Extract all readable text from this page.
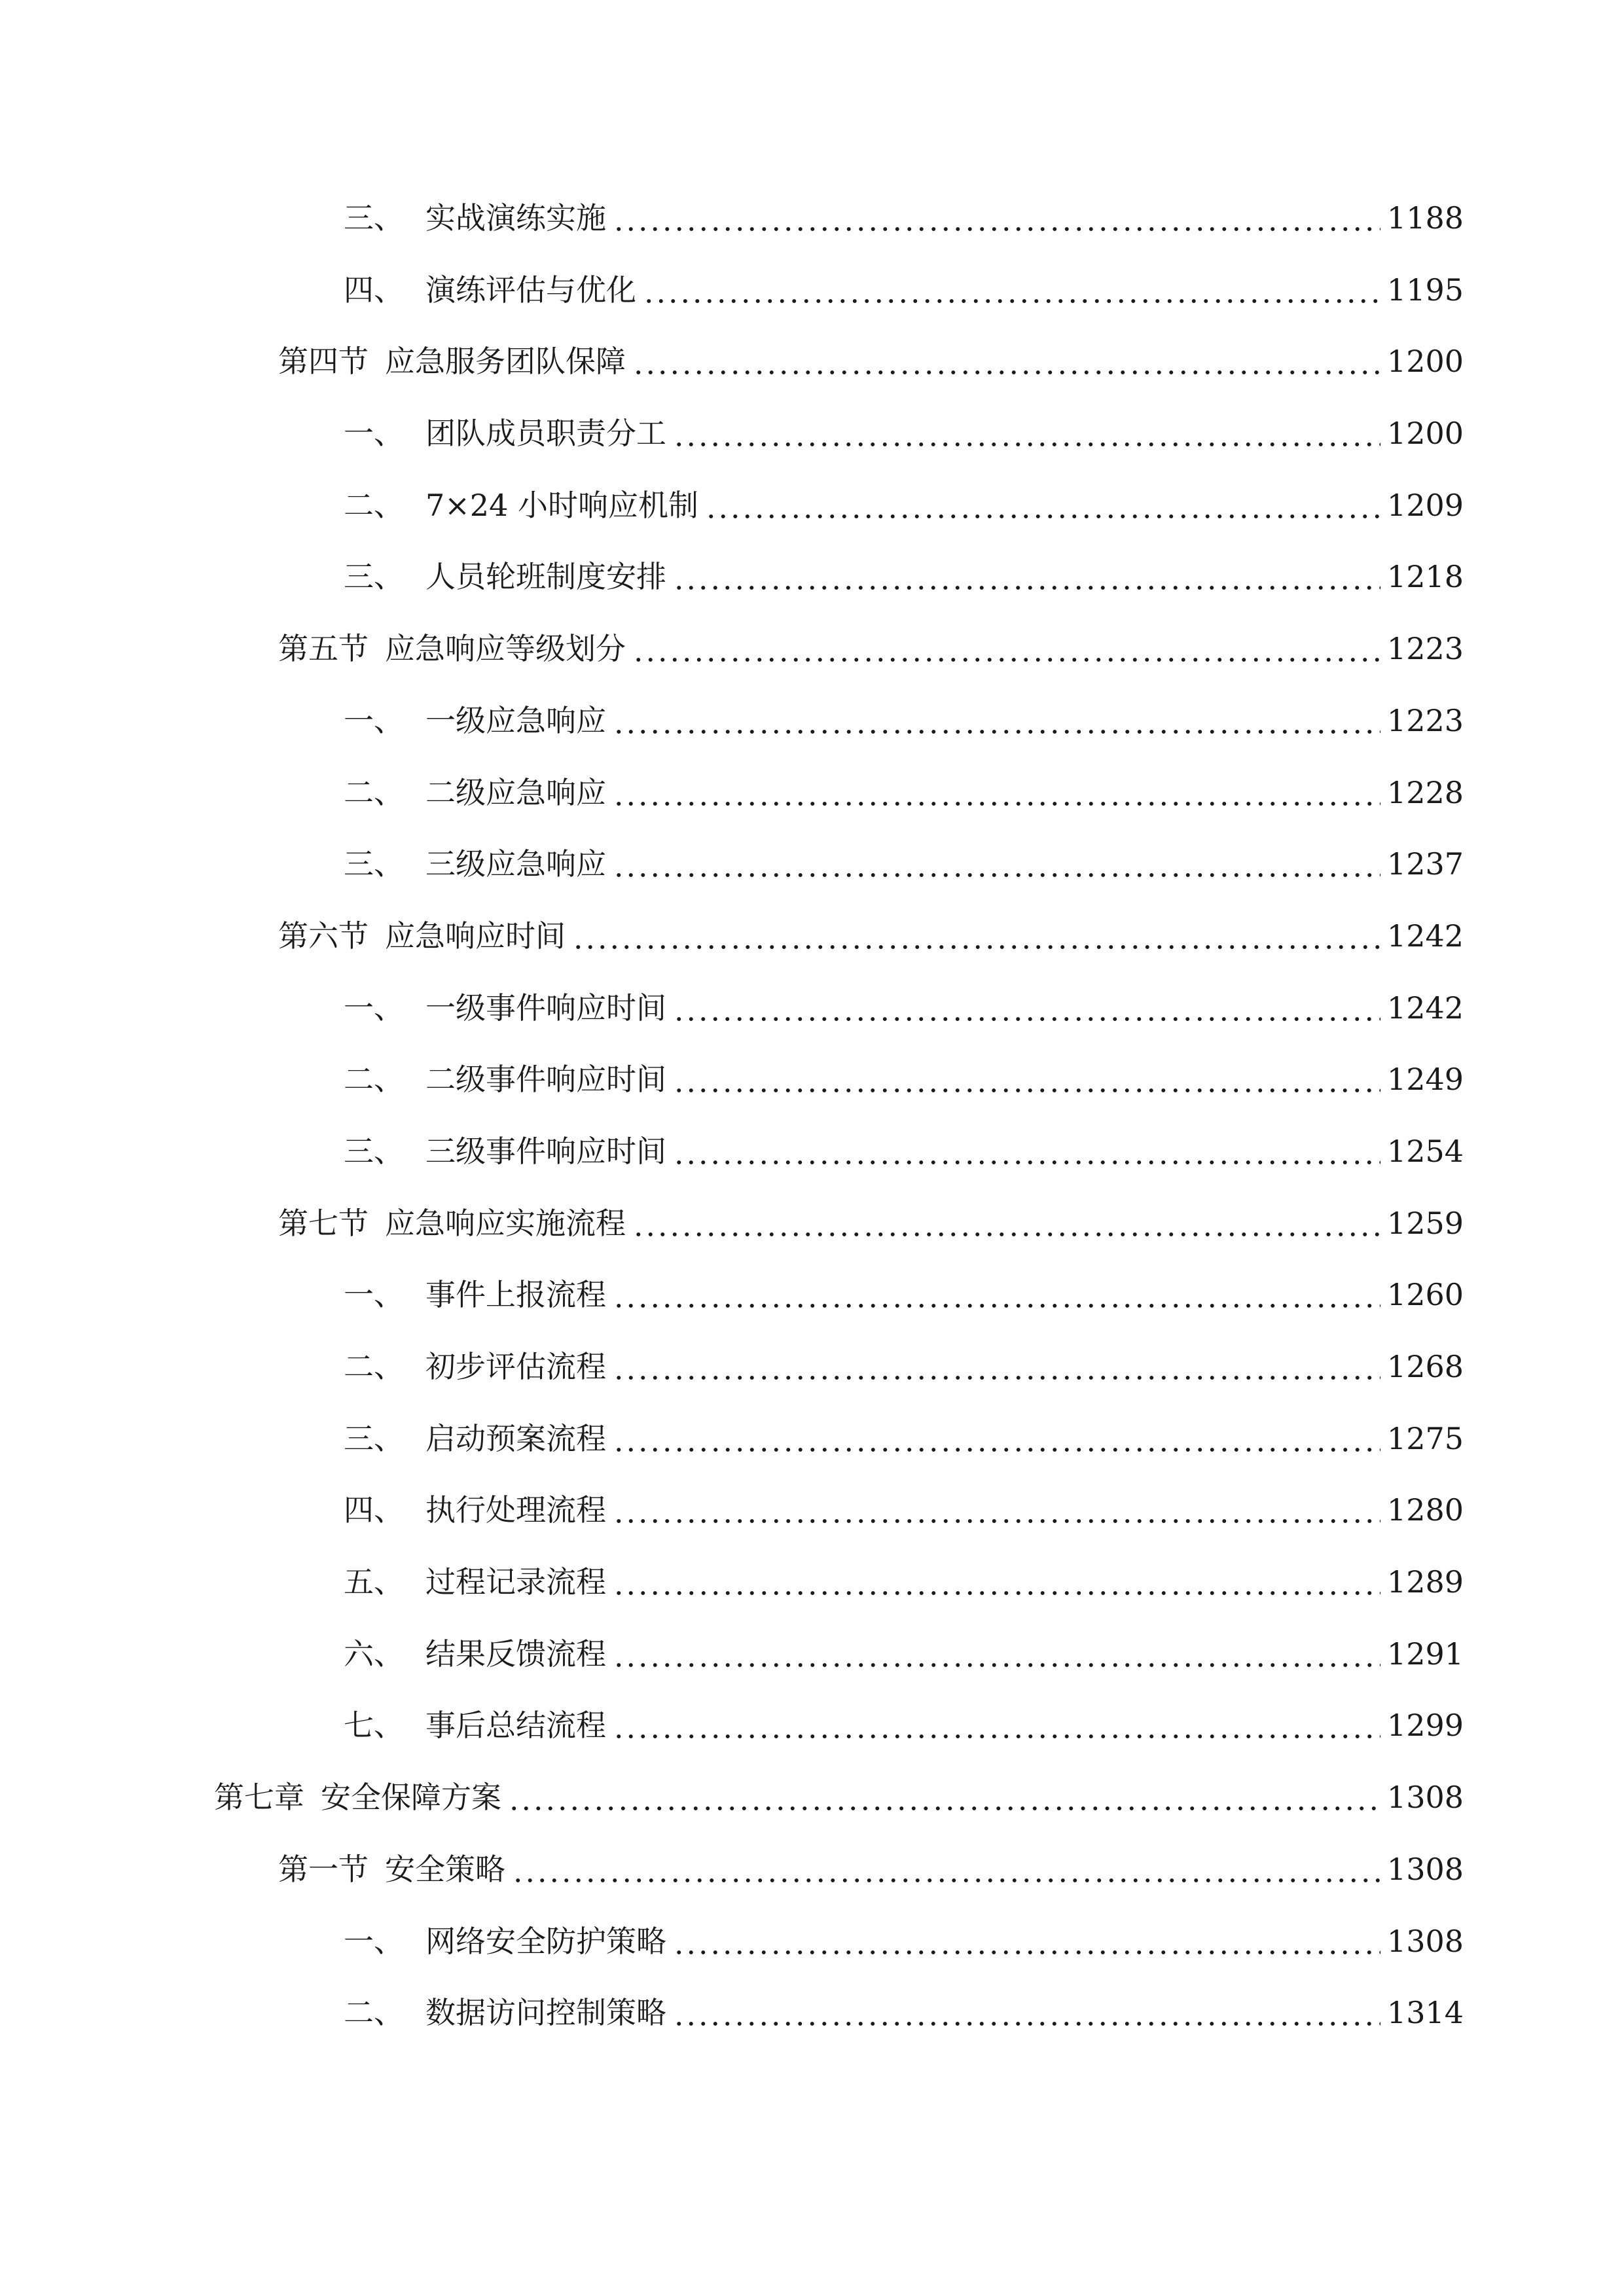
三、 实战演练实施	1188
四、 演练评估与优化	1195
第四节 应急服务团队保障	1200
一、 团队成员职责分工	1200
二、 7×24 小时响应机制	1209
三、 人员轮班制度安排	1218
第五节 应急响应等级划分	1223
一、 一级应急响应	1223
二、 二级应急响应	1228
三、 三级应急响应	1237
第六节 应急响应时间	1242
一、 一级事件响应时间	1242
二、 二级事件响应时间	1249
三、 三级事件响应时间	1254
第七节 应急响应实施流程	1259
一、 事件上报流程	1260
二、 初步评估流程	1268
三、 启动预案流程	1275
四、 执行处理流程	1280
五、 过程记录流程	1289
六、 结果反馈流程	1291
七、 事后总结流程	1299
第七章 安全保障方案	1308
第一节 安全策略	1308
一、 网络安全防护策略	1308
二、 数据访问控制策略	1314
